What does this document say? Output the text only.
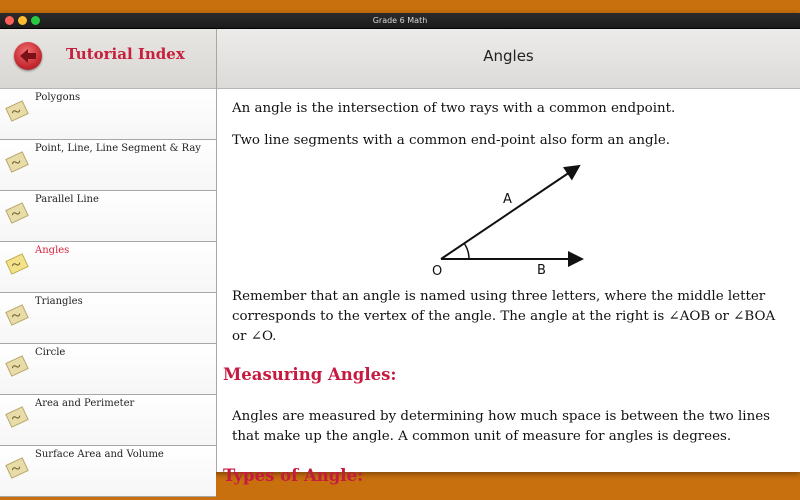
Grade 6 Math
Tutorial Index	Angles
Polygons
Point, Line, Line Segment & Ray
Parallel Line
Angles
Triangles
Circle
Area and Perimeter
Surface Area and Volume

An angle is the intersection of two rays with a common endpoint.

Two line segments with a common end-point also form an angle.

A
O	B

Remember that an angle is named using three letters, where the middle letter corresponds to the vertex of the angle. The angle at the right is ∠AOB or ∠BOA or ∠O.

Measuring Angles:

Angles are measured by determining how much space is between the two lines that make up the angle. A common unit of measure for angles is degrees.

Types of Angle:
